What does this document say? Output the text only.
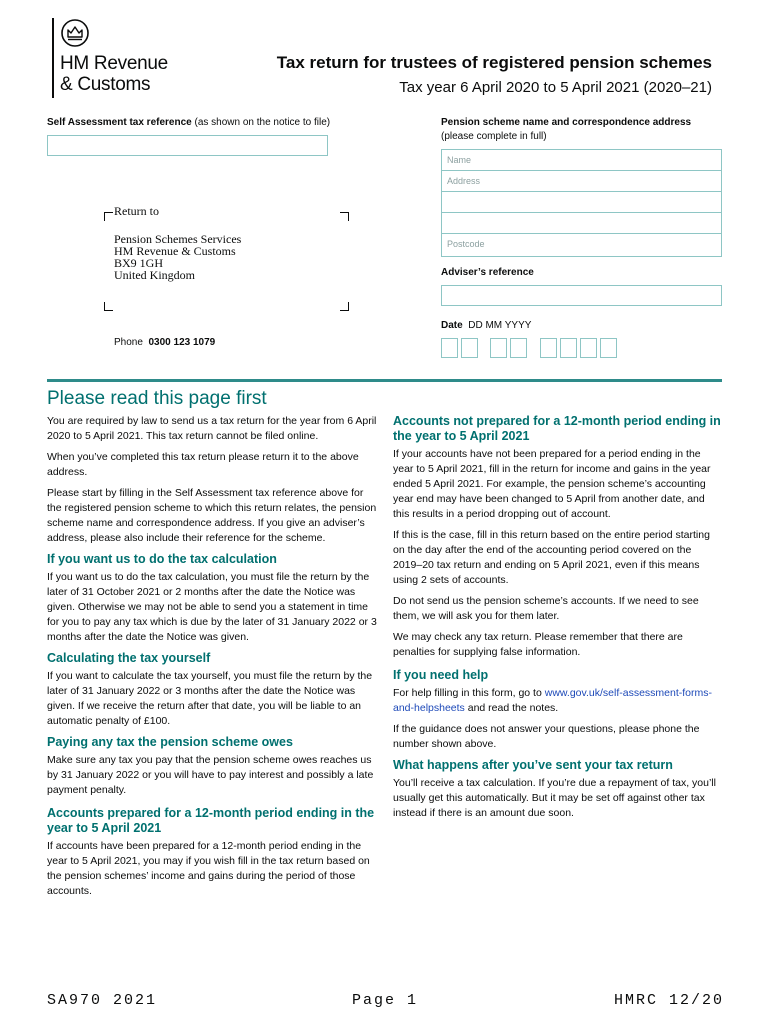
HM Revenue
& Customs
Tax return for trustees of registered pension schemes
Tax year 6 April 2020 to 5 April 2021 (2020–21)
Self Assessment tax reference (as shown on the notice to file)
Return to
Pension Schemes Services
HM Revenue & Customs
BX9 1GH
United Kingdom
Phone 0300 123 1079
Pension scheme name and correspondence address
(please complete in full)
Name
Address
Postcode
Adviser’s reference
Date DD MM YYYY
Please read this page first

You are required by law to send us a tax return for the year from 6 April 2020 to 5 April 2021. This tax return cannot be filed online.

When you’ve completed this tax return please return it to the above address.

Please start by filling in the Self Assessment tax reference above for the registered pension scheme to which this return relates, the pension scheme name and correspondence address. If you give an adviser’s address, please also include their reference for the scheme.

If you want us to do the tax calculation

If you want us to do the tax calculation, you must file the return by the later of 31 October 2021 or 2 months after the date the Notice was given. Otherwise we may not be able to send you a statement in time for you to pay any tax which is due by the later of 31 January 2022 or 3 months after the date the Notice was given.

Calculating the tax yourself

If you want to calculate the tax yourself, you must file the return by the later of 31 January 2022 or 3 months after the date the Notice was given. If we receive the return after that date, you will be liable to an automatic penalty of £100.

Paying any tax the pension scheme owes

Make sure any tax you pay that the pension scheme owes reaches us by 31 January 2022 or you will have to pay interest and possibly a late payment penalty.

Accounts prepared for a 12-month period ending in the year to 5 April 2021

If accounts have been prepared for a 12-month period ending in the year to 5 April 2021, you may if you wish fill in the tax return based on the pension schemes’ income and gains during the period of those accounts.

Accounts not prepared for a 12-month period ending in the year to 5 April 2021

If your accounts have not been prepared for a period ending in the year to 5 April 2021, fill in the return for income and gains in the year ended 5 April 2021. For example, the pension scheme’s accounting year end may have been changed to 5 April from another date, and this results in a period dropping out of account.

If this is the case, fill in this return based on the entire period starting on the day after the end of the accounting period covered on the 2019–20 tax return and ending on 5 April 2021, even if this means using 2 sets of accounts.

Do not send us the pension scheme’s accounts. If we need to see them, we will ask you for them later.

We may check any tax return. Please remember that there are penalties for supplying false information.

If you need help

For help filling in this form, go to www.gov.uk/self-assessment-forms-and-helpsheets and read the notes.

If the guidance does not answer your questions, please phone the number shown above.

What happens after you’ve sent your tax return

You’ll receive a tax calculation. If you’re due a repayment of tax, you’ll usually get this automatically. But it may be set off against other tax instead if there is an amount due soon.

SA970 2021	Page 1	HMRC 12/20
